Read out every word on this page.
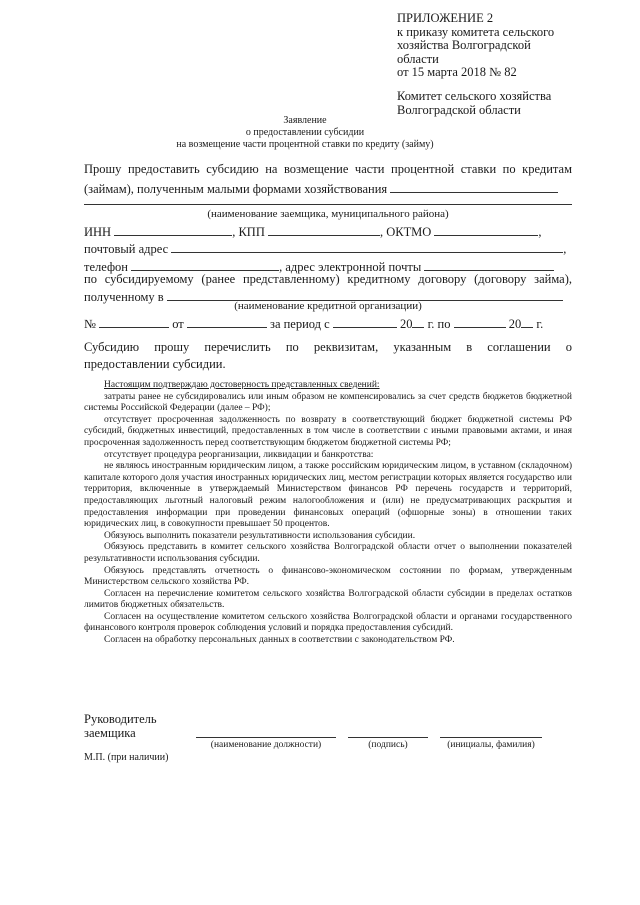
ПРИЛОЖЕНИЕ 2
к приказу комитета сельского
хозяйства Волгоградской
области
от 15 марта 2018 № 82
Комитет сельского хозяйства
Волгоградской области
Заявление
о предоставлении субсидии
на возмещение части процентной ставки по кредиту (займу)
Прошу предоставить субсидию на возмещение части процентной ставки по кредитам
(займам), полученным малыми формами хозяйствования
(наименование заемщика, муниципального района)
ИНН	, КПП	, ОКТМО	,
почтовый адрес	,
телефон	, адрес электронной почты
по субсидируемому (ранее представленному) кредитному договору (договору займа),
полученному в
(наименование кредитной организации)
№	от	за период с	20 г. по	20 г.
Субсидию прошу перечислить по реквизитам, указанным в соглашении о
предоставлении субсидии.

Настоящим подтверждаю достоверность представленных сведений:

затраты ранее не субсидировались или иным образом не компенсировались за счет средств бюджетов бюджетной системы Российской Федерации (далее – РФ);

отсутствует просроченная задолженность по возврату в соответствующий бюджет бюджетной системы РФ субсидий, бюджетных инвестиций, предоставленных в том числе в соответствии с иными правовыми актами, и иная просроченная задолженность перед соответствующим бюджетом бюджетной системы РФ;

отсутствует процедура реорганизации, ликвидации и банкротства:

не являюсь иностранным юридическим лицом, а также российским юридическим лицом, в уставном (складочном) капитале которого доля участия иностранных юридических лиц, местом регистрации которых является государство или территория, включенные в утверждаемый Министерством финансов РФ перечень государств и территорий, предоставляющих льготный налоговый режим налогообложения и (или) не предусматривающих раскрытия и предоставления информации при проведении финансовых операций (офшорные зоны) в отношении таких юридических лиц, в совокупности превышает 50 процентов.

Обязуюсь выполнить показатели результативности использования субсидии.

Обязуюсь представить в комитет сельского хозяйства Волгоградской области отчет о выполнении показателей результативности использования субсидии.

Обязуюсь представлять отчетность о финансово-экономическом состоянии по формам, утвержденным Министерством сельского хозяйства РФ.

Согласен на перечисление комитетом сельского хозяйства Волгоградской области субсидии в пределах остатков лимитов бюджетных обязательств.

Согласен на осуществление комитетом сельского хозяйства Волгоградской области и органами государственного финансового контроля проверок соблюдения условий и порядка предоставления субсидий.

Согласен на обработку персональных данных в соответствии с законодательством РФ.

Руководитель
заемщика
(наименование должности)	(подпись)	(инициалы, фамилия)
М.П. (при наличии)
